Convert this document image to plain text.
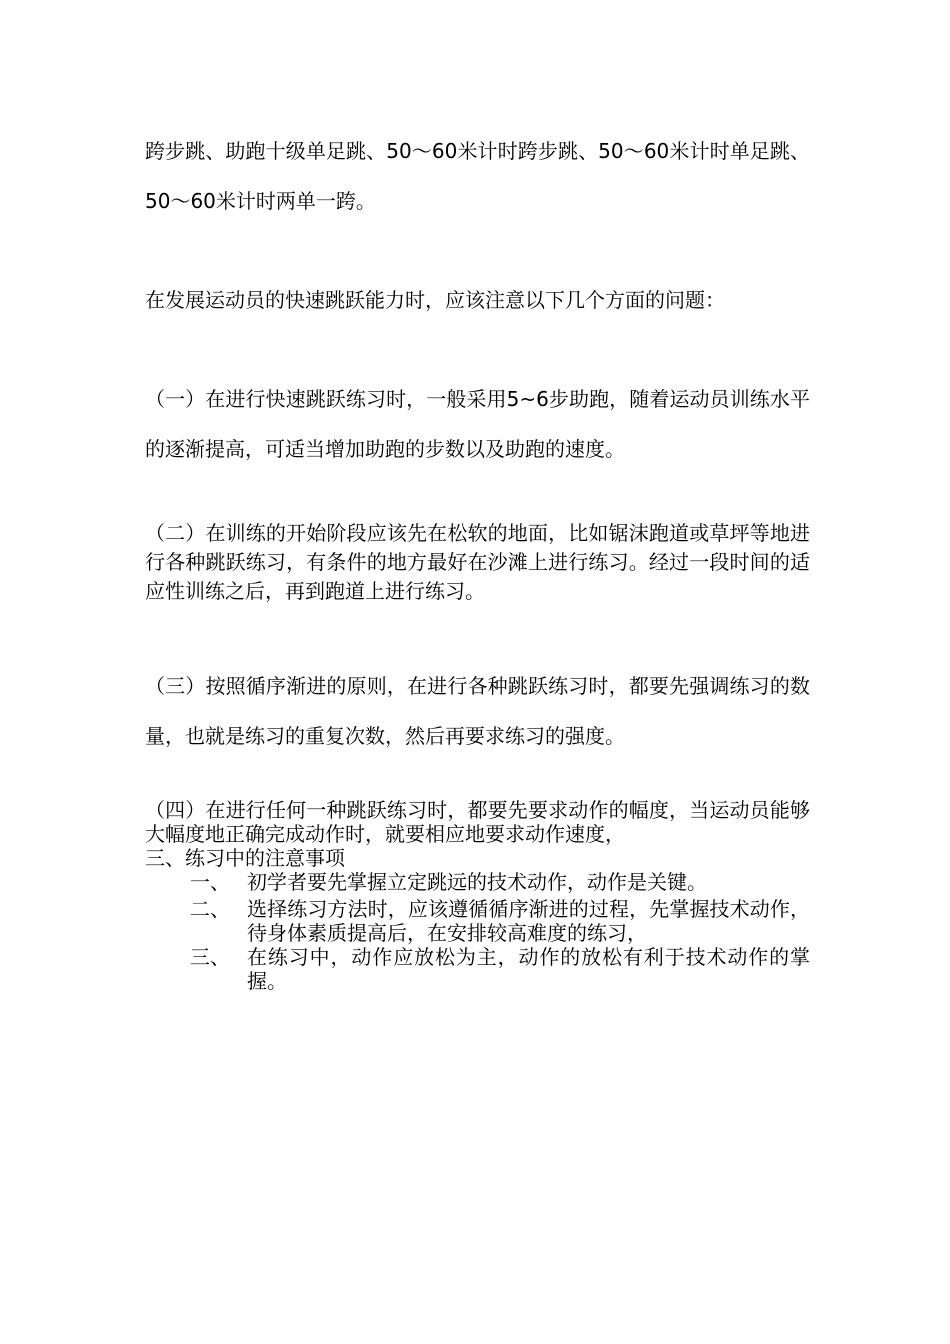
跨步跳、助跑十级单足跳、50～60米计时跨步跳、50～60米计时单足跳、50～60米计时两单一跨。

在发展运动员的快速跳跃能力时，应该注意以下几个方面的问题：

（一）在进行快速跳跃练习时，一般采用5~6步助跑，随着运动员训练水平的逐渐提高，可适当增加助跑的步数以及助跑的速度。

（二）在训练的开始阶段应该先在松软的地面，比如锯沫跑道或草坪等地进行各种跳跃练习，有条件的地方最好在沙滩上进行练习。经过一段时间的适应性训练之后，再到跑道上进行练习。

（三）按照循序渐进的原则，在进行各种跳跃练习时，都要先强调练习的数量，也就是练习的重复次数，然后再要求练习的强度。

（四）在进行任何一种跳跃练习时，都要先要求动作的幅度，当运动员能够大幅度地正确完成动作时，就要相应地要求动作速度，

三、练习中的注意事项

一、 初学者要先掌握立定跳远的技术动作，动作是关键。
二、 选择练习方法时，应该遵循循序渐进的过程，先掌握技术动作，待身体素质提高后，在安排较高难度的练习，
三、 在练习中，动作应放松为主，动作的放松有利于技术动作的掌握。
